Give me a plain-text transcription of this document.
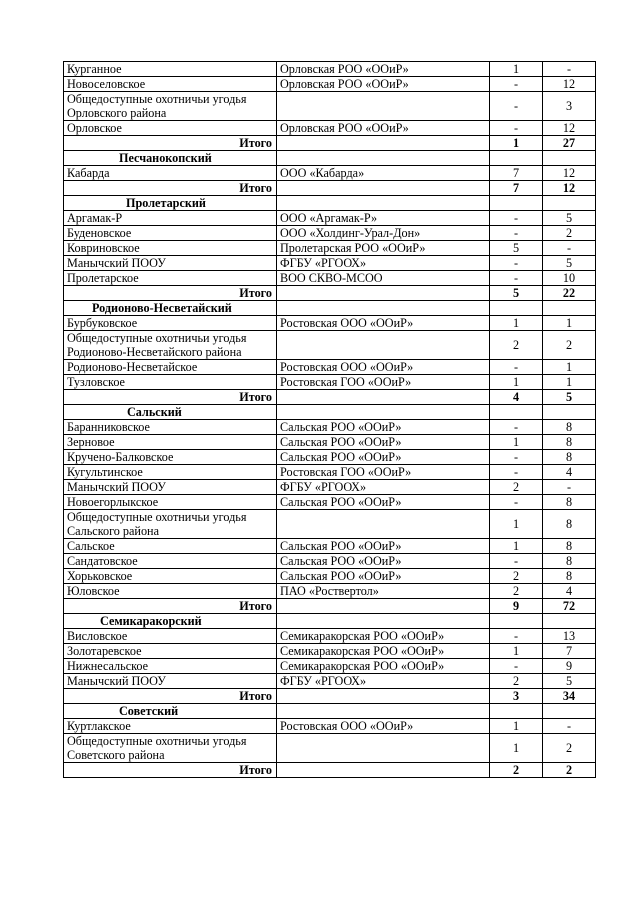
Курганное	Орловская РОО «ООиР»	1	-
Новоселовское	Орловская РОО «ООиР»	-	12
Общедоступные охотничьи угодья Орловского района		-	3
Орловское	Орловская РОО «ООиР»	-	12
Итого		1	27
Песчанокопский			
Кабарда	ООО «Кабарда»	7	12
Итого		7	12
Пролетарский			
Аргамак-Р	ООО «Аргамак-Р»	-	5
Буденовское	ООО «Холдинг-Урал-Дон»	-	2
Ковриновское	Пролетарская РОО «ООиР»	5	-
Манычский ПООУ	ФГБУ «РГООХ»	-	5
Пролетарское	ВОО СКВО-МСОО	-	10
Итого		5	22
Родионово-Несветайский			
Бурбуковское	Ростовская ООО «ООиР»	1	1
Общедоступные охотничьи угодья Родионово-Несветайского района		2	2
Родионово-Несветайское	Ростовская ООО «ООиР»	-	1
Тузловское	Ростовская ГОО «ООиР»	1	1
Итого		4	5
Сальский			
Баранниковское	Сальская РОО «ООиР»	-	8
Зерновое	Сальская РОО «ООиР»	1	8
Кручено-Балковское	Сальская РОО «ООиР»	-	8
Кугультинское	Ростовская ГОО «ООиР»	-	4
Манычский ПООУ	ФГБУ «РГООХ»	2	-
Новоегорлыкское	Сальская РОО «ООиР»	-	8
Общедоступные охотничьи угодья Сальского района		1	8
Сальское	Сальская РОО «ООиР»	1	8
Сандатовское	Сальская РОО «ООиР»	-	8
Хорьковское	Сальская РОО «ООиР»	2	8
Юловское	ПАО «Роствертол»	2	4
Итого		9	72
Семикаракорский			
Висловское	Семикаракорская РОО «ООиР»	-	13
Золотаревское	Семикаракорская РОО «ООиР»	1	7
Нижнесальское	Семикаракорская РОО «ООиР»	-	9
Манычский ПООУ	ФГБУ «РГООХ»	2	5
Итого		3	34
Советский			
Куртлакское	Ростовская ООО «ООиР»	1	-
Общедоступные охотничьи угодья Советского района		1	2
Итого		2	2
